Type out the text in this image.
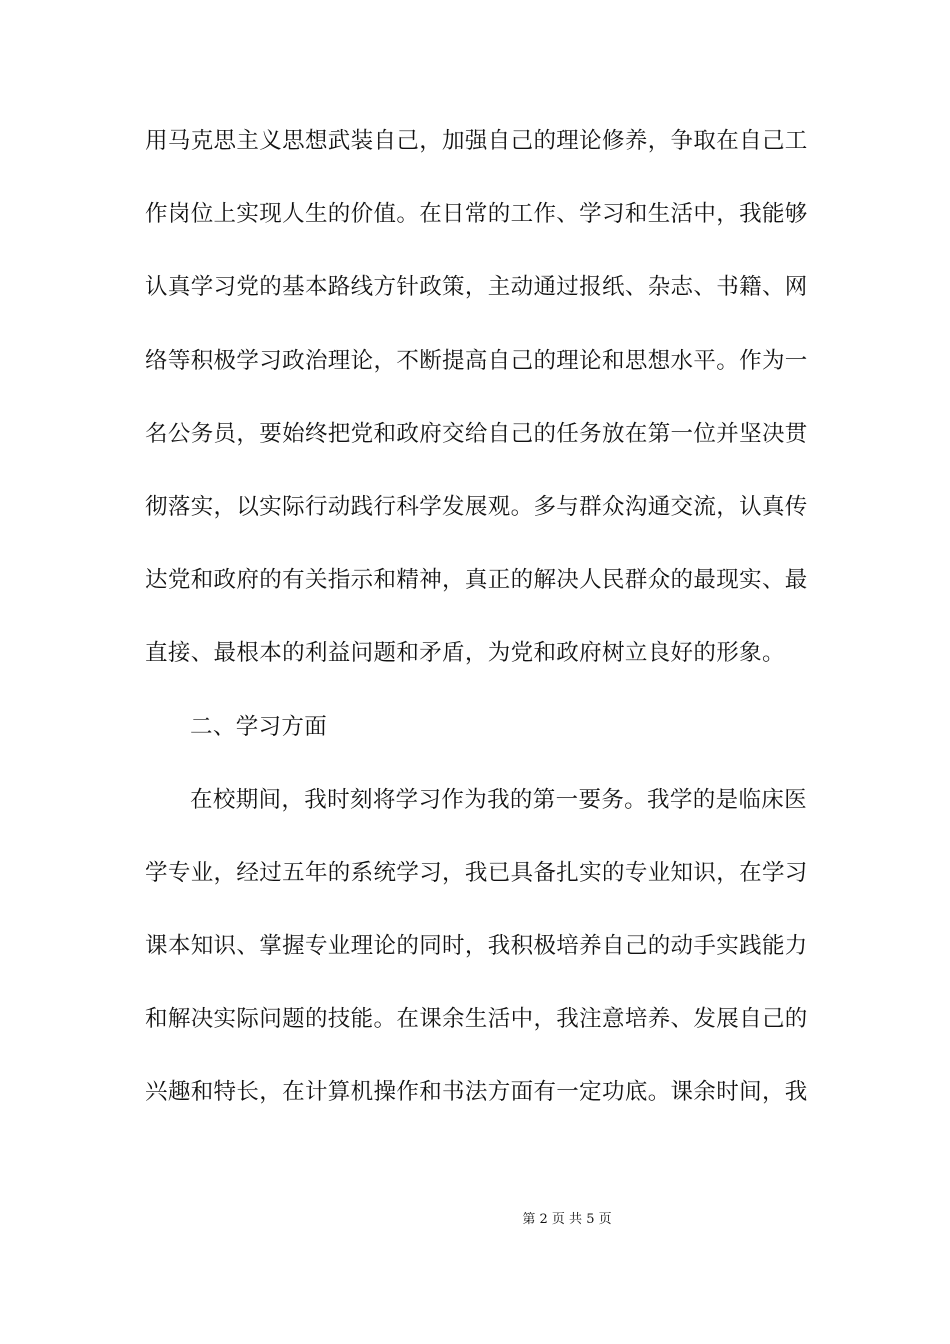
用马克思主义思想武装自己，加强自己的理论修养，争取在自己工
作岗位上实现人生的价值。在日常的工作、学习和生活中，我能够
认真学习党的基本路线方针政策，主动通过报纸、杂志、书籍、网
络等积极学习政治理论，不断提高自己的理论和思想水平。作为一
名公务员，要始终把党和政府交给自己的任务放在第一位并坚决贯
彻落实，以实际行动践行科学发展观。多与群众沟通交流，认真传
达党和政府的有关指示和精神，真正的解决人民群众的最现实、最
直接、最根本的利益问题和矛盾，为党和政府树立良好的形象。
二、学习方面
在校期间，我时刻将学习作为我的第一要务。我学的是临床医
学专业，经过五年的系统学习，我已具备扎实的专业知识，在学习
课本知识、掌握专业理论的同时，我积极培养自己的动手实践能力
和解决实际问题的技能。在课余生活中，我注意培养、发展自己的
兴趣和特长，在计算机操作和书法方面有一定功底。课余时间，我
第 2 页 共 5 页
